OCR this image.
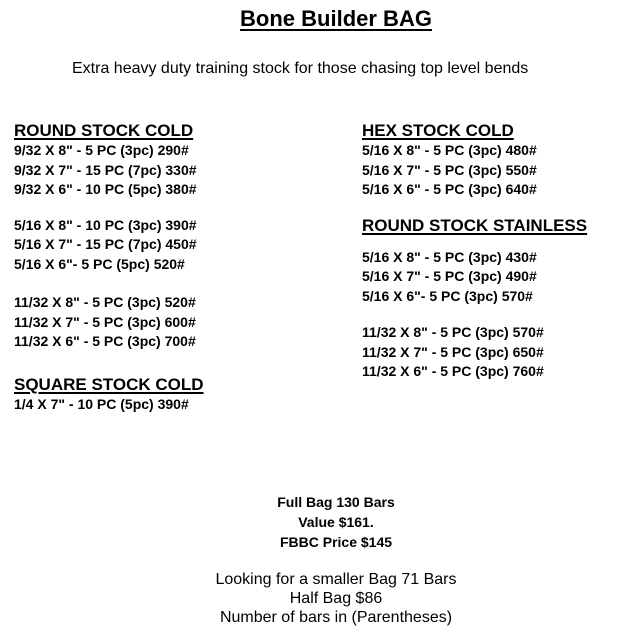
Bone Builder BAG
Extra heavy duty training stock for those chasing top level bends
ROUND STOCK COLD
9/32 X 8" - 5 PC (3pc) 290#
9/32 X 7" - 15 PC (7pc) 330#
9/32 X 6" - 10 PC (5pc) 380#
5/16 X 8" - 10 PC (3pc) 390#
5/16 X 7" - 15 PC (7pc) 450#
5/16 X 6"- 5 PC (5pc) 520#
11/32 X 8" - 5 PC (3pc) 520#
11/32 X 7" - 5 PC (3pc) 600#
11/32 X 6" - 5 PC (3pc) 700#
SQUARE STOCK COLD
1/4 X 7" - 10 PC (5pc) 390#
HEX STOCK COLD
5/16 X 8" - 5 PC (3pc) 480#
5/16 X 7" - 5 PC (3pc) 550#
5/16 X 6" - 5 PC (3pc) 640#
ROUND STOCK STAINLESS
5/16 X 8" - 5 PC (3pc) 430#
5/16 X 7" - 5 PC (3pc) 490#
5/16 X 6"- 5 PC (3pc) 570#
11/32 X 8" - 5 PC (3pc) 570#
11/32 X 7" - 5 PC (3pc) 650#
11/32 X 6" - 5 PC (3pc) 760#
Full Bag 130 Bars
Value $161.
FBBC Price $145
Looking for a smaller Bag 71 Bars
Half Bag $86
Number of bars in (Parentheses)
